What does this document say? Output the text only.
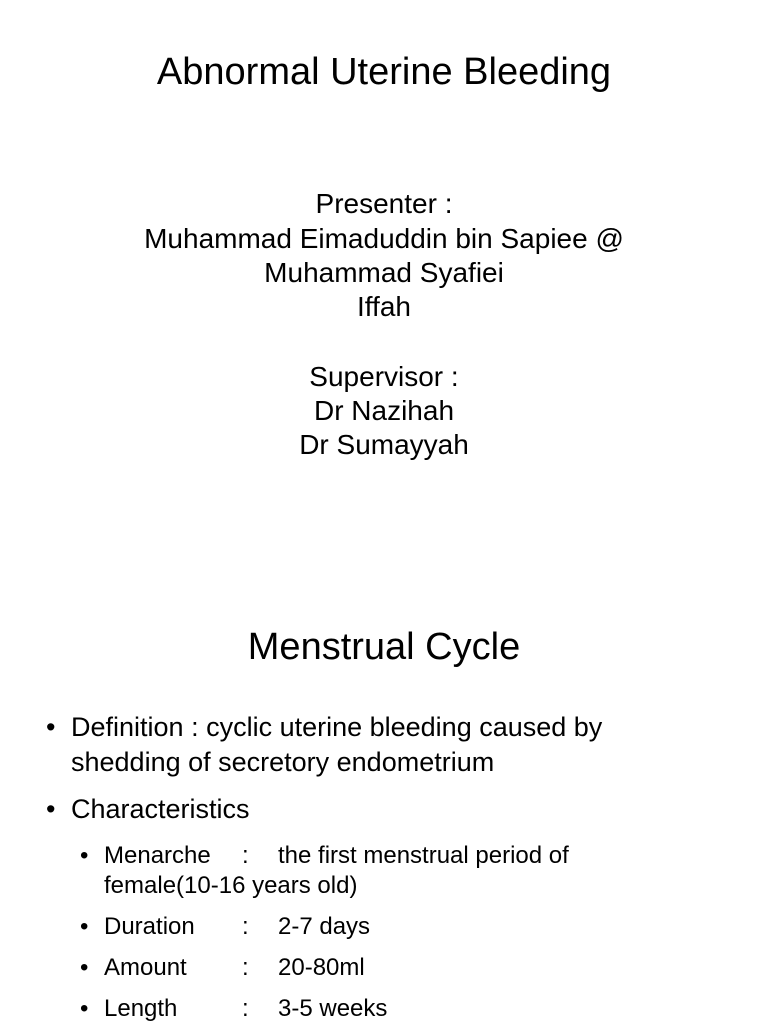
Abnormal Uterine Bleeding
Presenter :
Muhammad Eimaduddin bin Sapiee @
Muhammad Syafiei
Iffah
Supervisor :
Dr Nazihah
Dr Sumayyah
Menstrual Cycle
• Definition : cyclic uterine bleeding caused by
shedding of secretory endometrium
• Characteristics
• Menarche : the first menstrual period of
female(10-16 years old)
• Duration : 2-7 days
• Amount : 20-80ml
• Length	: 3-5 weeks
